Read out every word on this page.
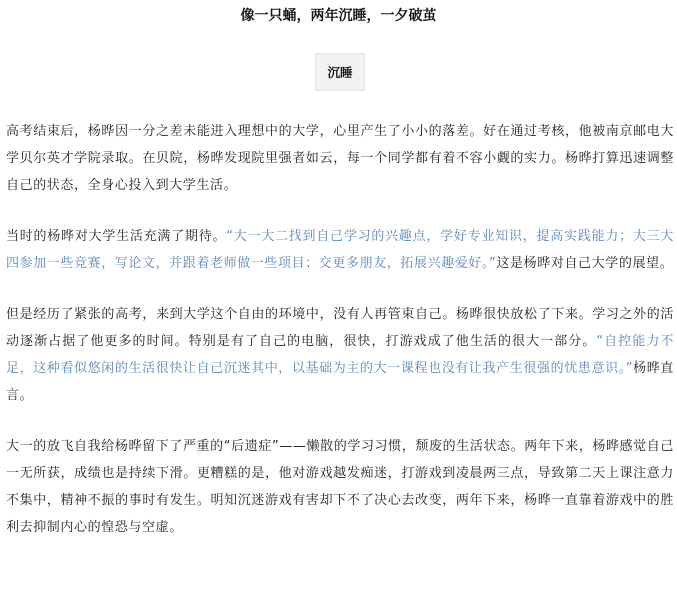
像一只蛹，两年沉睡，一夕破茧
沉睡

高考结束后，杨晔因一分之差未能进入理想中的大学，心里产生了小小的落差。好在通过考核，他被南京邮电大学贝尔英才学院录取。在贝院，杨晔发现院里强者如云，每一个同学都有着不容小觑的实力。杨晔打算迅速调整自己的状态，全身心投入到大学生活。

当时的杨晔对大学生活充满了期待。“大一大二找到自己学习的兴趣点，学好专业知识，提高实践能力；大三大四参加一些竞赛，写论文，并跟着老师做一些项目；交更多朋友，拓展兴趣爱好。”这是杨晔对自己大学的展望。

但是经历了紧张的高考，来到大学这个自由的环境中，没有人再管束自己。杨晔很快放松了下来。学习之外的活动逐渐占据了他更多的时间。特别是有了自己的电脑，很快，打游戏成了他生活的很大一部分。“自控能力不足，这种看似悠闲的生活很快让自己沉迷其中，以基础为主的大一课程也没有让我产生很强的忧患意识。”杨晔直言。

大一的放飞自我给杨晔留下了严重的“后遗症”——懒散的学习习惯，颓废的生活状态。两年下来，杨晔感觉自己一无所获，成绩也是持续下滑。更糟糕的是，他对游戏越发痴迷，打游戏到凌晨两三点，导致第二天上课注意力不集中，精神不振的事时有发生。明知沉迷游戏有害却下不了决心去改变，两年下来，杨晔一直靠着游戏中的胜利去抑制内心的惶恐与空虚。
